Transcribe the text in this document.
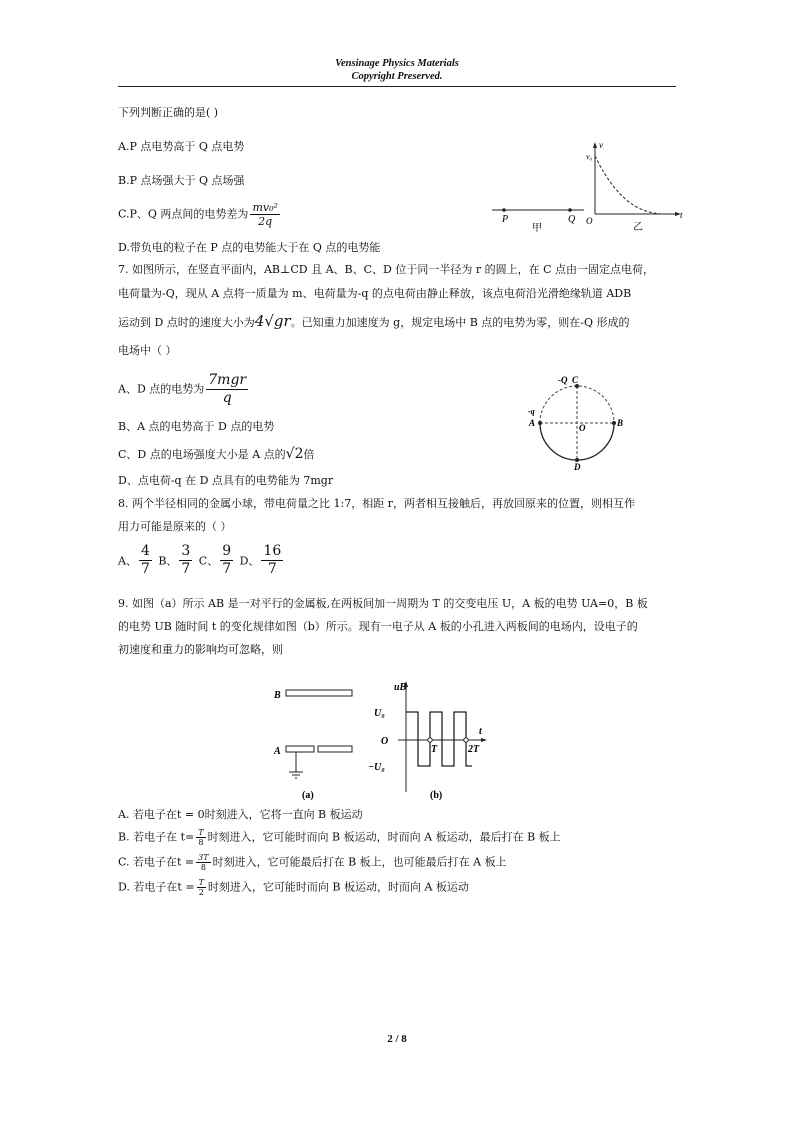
Vensinage Physics Materials
Copyright Preserved.
下列判断正确的是( )
A.P 点电势高于 Q 点电势
B.P 点场强大于 Q 点场强
C.P、Q 两点间的电势差为 $\frac{\text{mv₀²}}{2q}$
D.带负电的粒子在 P 点的电势能大于在 Q 点的电势能
P	Q
甲
v
v₀
O
t
乙
7. 如图所示，在竖直平面内，AB⊥CD 且 A、B、C、D 位于同一半径为 r 的圆上，在 C 点由一固定点电荷，
电荷量为-Q，现从 A 点将一质量为 m、电荷量为-q 的点电荷由静止释放，该点电荷沿光滑绝缘轨道 ADB
运动到 D 点时的速度大小为4√gr。已知重力加速度为 g，规定电场中 B 点的电势为零，则在-Q 形成的
电场中（ ）
A、D 点的电势为 $\frac{\text{7mgr}}{q}$
B、A 点的电势高于 D 点的电势
C、D 点的电场强度大小是 A 点的√2倍
D、点电荷-q 在 D 点具有的电势能为 7mgr
-Q C
-q
A	O	B
D
8. 两个半径相同的金属小球，带电荷量之比 1:7，相距 r，两者相互接触后，再放回原来的位置，则相互作
用力可能是原来的（ ）
A、 $\frac{4}{7}$ B、 $\frac{3}{7}$ C、 $\frac{9}{7}$ D、 $\frac{16}{7}$
9. 如图（a）所示 AB 是一对平行的金属板,在两板间加一周期为 T 的交变电压 U，A 板的电势 UA=0，B 板
的电势 UB 随时间 t 的变化规律如图（b）所示。现有一电子从 A 板的小孔进入两板间的电场内，设电子的
初速度和重力的影响均可忽略，则
B
A
(a)
uB
U₀
O
−U₀
T	2T
t
(b)
A. 若电子在t = 0时刻进入，它将一直向 B 板运动
B. 若电子在 $t= \frac{T}{8}$ 时刻进入，它可能时而向 B 板运动，时而向 A 板运动，最后打在 B 板上
C. 若电子在$t = \frac{3T}{8}$ 时刻进入，它可能最后打在 B 板上，也可能最后打在 A 板上
D. 若电子在$t = \frac{T}{2}$ 时刻进入，它可能时而向 B 板运动，时而向 A 板运动
2 / 8
